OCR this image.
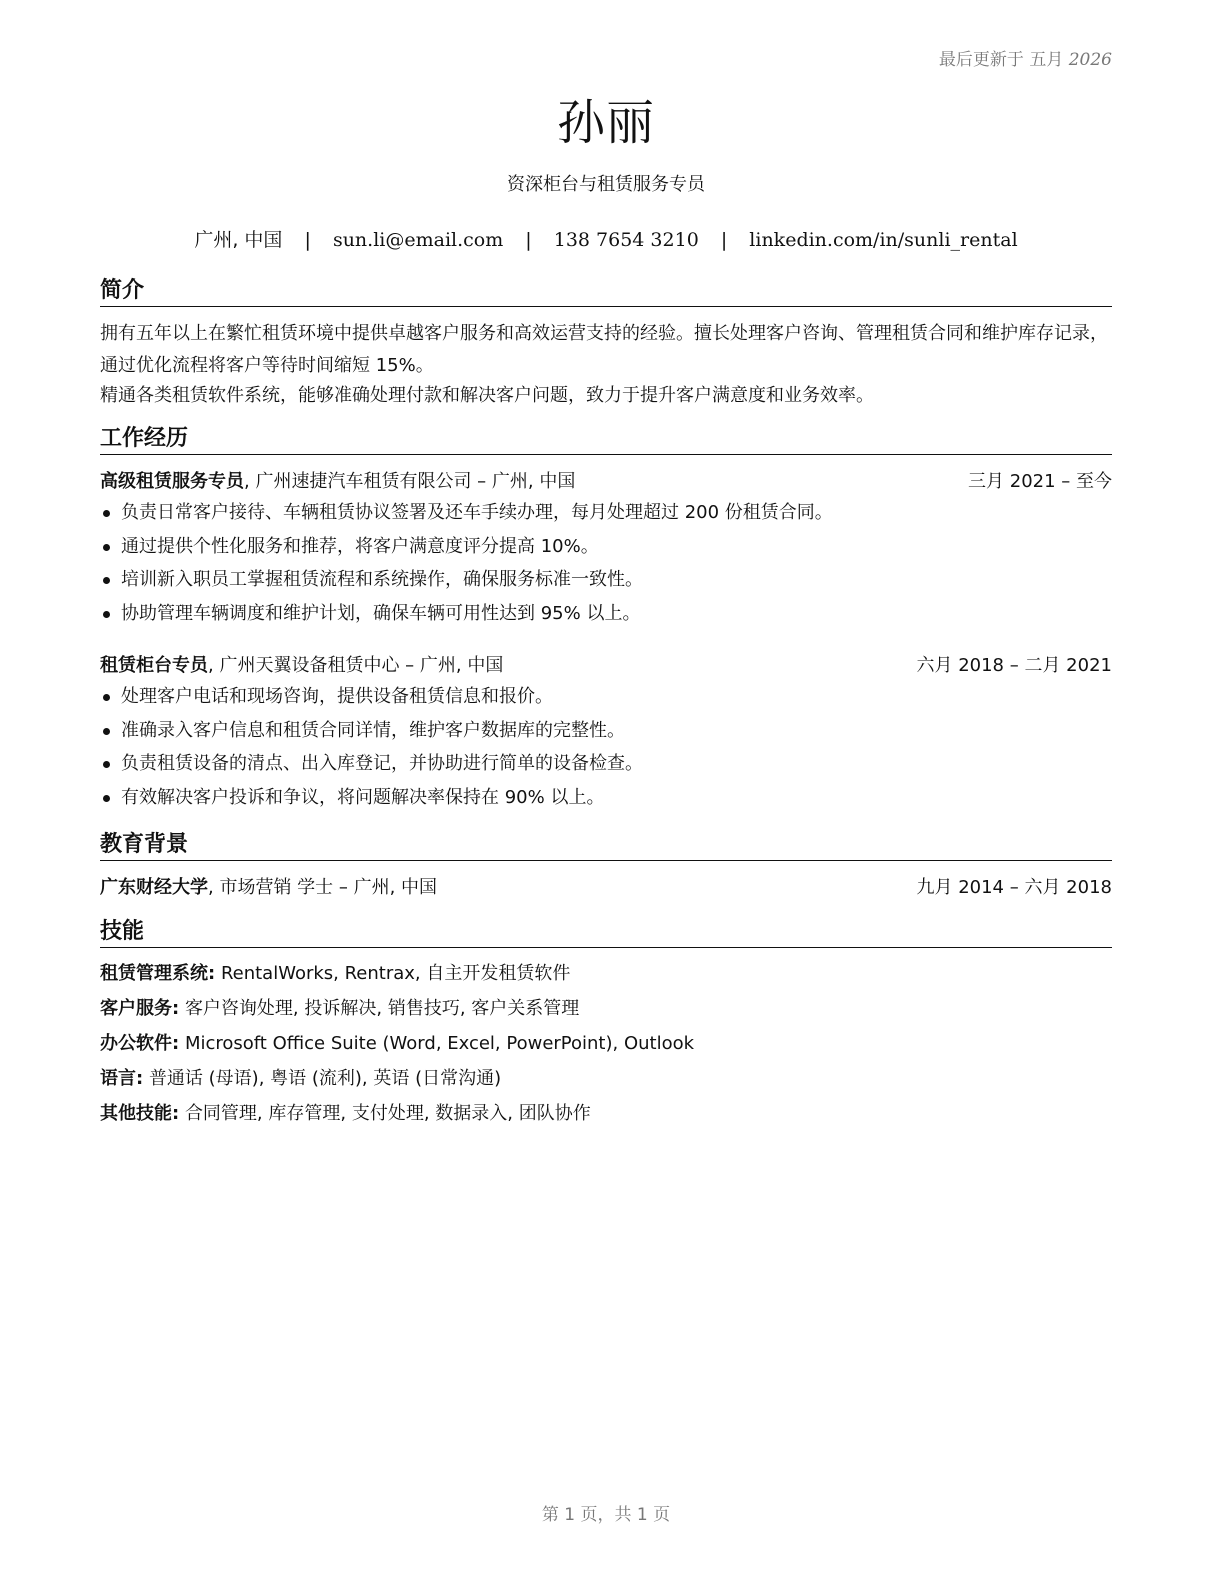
最后更新于 五月 2026
孙丽
资深柜台与租赁服务专员
广州, 中国 | sun.li@email.com | 138 7654 3210 | linkedin.com/in/sunli_rental
简介
拥有五年以上在繁忙租赁环境中提供卓越客户服务和高效运营支持的经验。擅长处理客户咨询、管理租赁合同和维护库存记录，通过优化流程将客户等待时间缩短 15%。
精通各类租赁软件系统，能够准确处理付款和解决客户问题，致力于提升客户满意度和业务效率。
工作经历
高级租赁服务专员, 广州速捷汽车租赁有限公司 – 广州, 中国	三月 2021 – 至今
负责日常客户接待、车辆租赁协议签署及还车手续办理，每月处理超过 200 份租赁合同。
通过提供个性化服务和推荐，将客户满意度评分提高 10%。
培训新入职员工掌握租赁流程和系统操作，确保服务标准一致性。
协助管理车辆调度和维护计划，确保车辆可用性达到 95% 以上。
租赁柜台专员, 广州天翼设备租赁中心 – 广州, 中国	六月 2018 – 二月 2021
处理客户电话和现场咨询，提供设备租赁信息和报价。
准确录入客户信息和租赁合同详情，维护客户数据库的完整性。
负责租赁设备的清点、出入库登记，并协助进行简单的设备检查。
有效解决客户投诉和争议，将问题解决率保持在 90% 以上。
教育背景
广东财经大学, 市场营销 学士 – 广州, 中国	九月 2014 – 六月 2018
技能
租赁管理系统: RentalWorks, Rentrax, 自主开发租赁软件
客户服务: 客户咨询处理, 投诉解决, 销售技巧, 客户关系管理
办公软件: Microsoft Office Suite (Word, Excel, PowerPoint), Outlook
语言: 普通话 (母语), 粤语 (流利), 英语 (日常沟通)
其他技能: 合同管理, 库存管理, 支付处理, 数据录入, 团队协作
第 1 页，共 1 页
